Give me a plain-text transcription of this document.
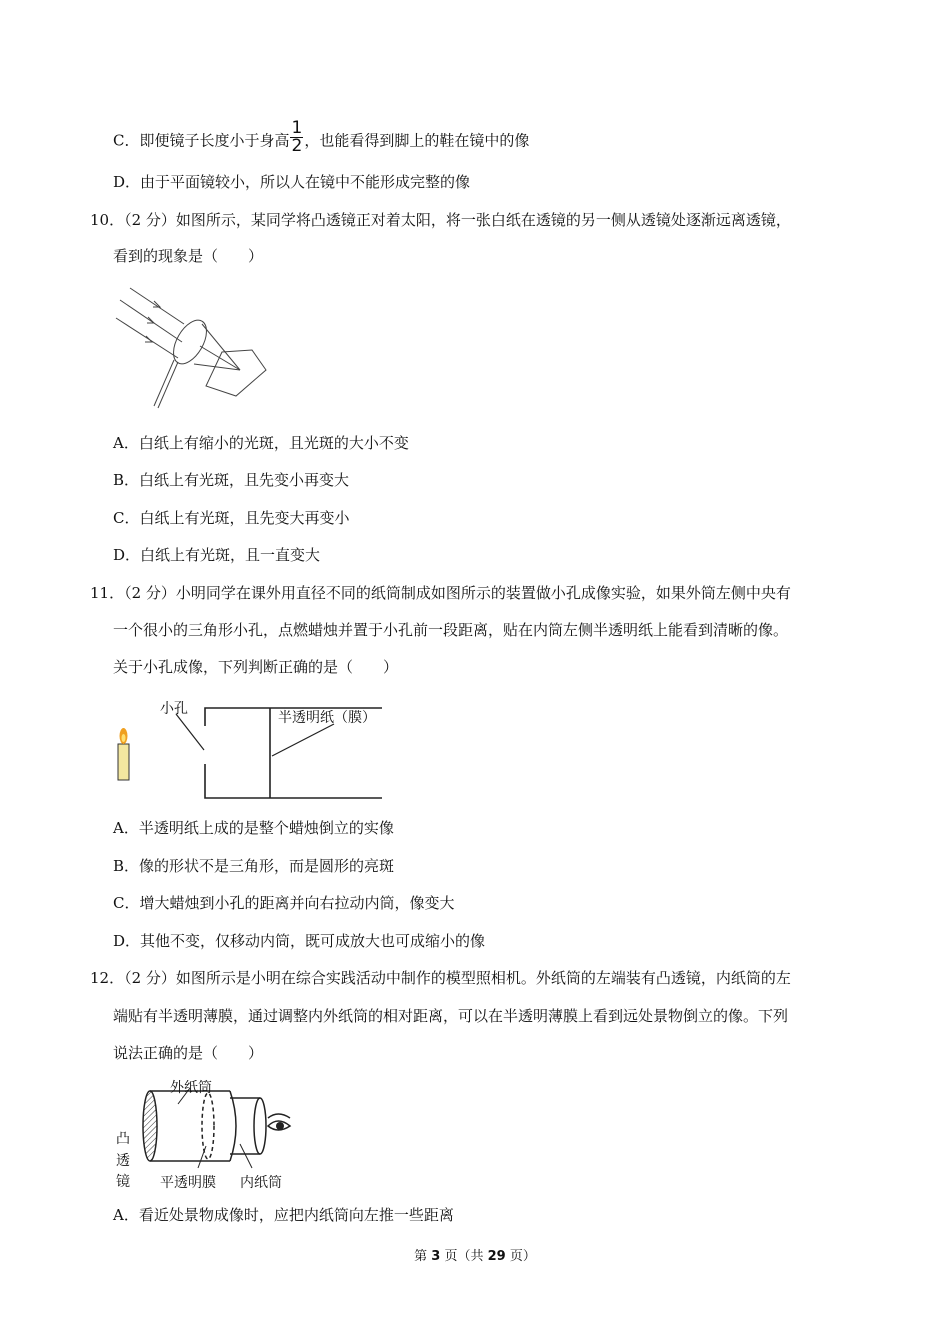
C．即便镜子长度小于身高 $\frac{1}{2}$ ，也能看得到脚上的鞋在镜中的像
D．由于平面镜较小，所以人在镜中不能形成完整的像
10．（2 分）如图所示，某同学将凸透镜正对着太阳，将一张白纸在透镜的另一侧从透镜处逐渐远离透镜，
看到的现象是（　　）
A．白纸上有缩小的光斑，且光斑的大小不变
B．白纸上有光斑，且先变小再变大
C．白纸上有光斑，且先变大再变小
D．白纸上有光斑，且一直变大
11．（2 分）小明同学在课外用直径不同的纸筒制成如图所示的装置做小孔成像实验，如果外筒左侧中央有
一个很小的三角形小孔，点燃蜡烛并置于小孔前一段距离，贴在内筒左侧半透明纸上能看到清晰的像。
关于小孔成像，下列判断正确的是（　　）
小孔
半透明纸（膜）
A．半透明纸上成的是整个蜡烛倒立的实像
B．像的形状不是三角形，而是圆形的亮斑
C．增大蜡烛到小孔的距离并向右拉动内筒，像变大
D．其他不变，仅移动内筒，既可成放大也可成缩小的像
12．（2 分）如图所示是小明在综合实践活动中制作的模型照相机。外纸筒的左端装有凸透镜，内纸筒的左
端贴有半透明薄膜，通过调整内外纸筒的相对距离，可以在半透明薄膜上看到远处景物倒立的像。下列
说法正确的是（　　）
外纸筒
凸
透
镜 平透明膜 内纸筒
A．看近处景物成像时，应把内纸筒向左推一些距离
第 3 页（共 29 页）
